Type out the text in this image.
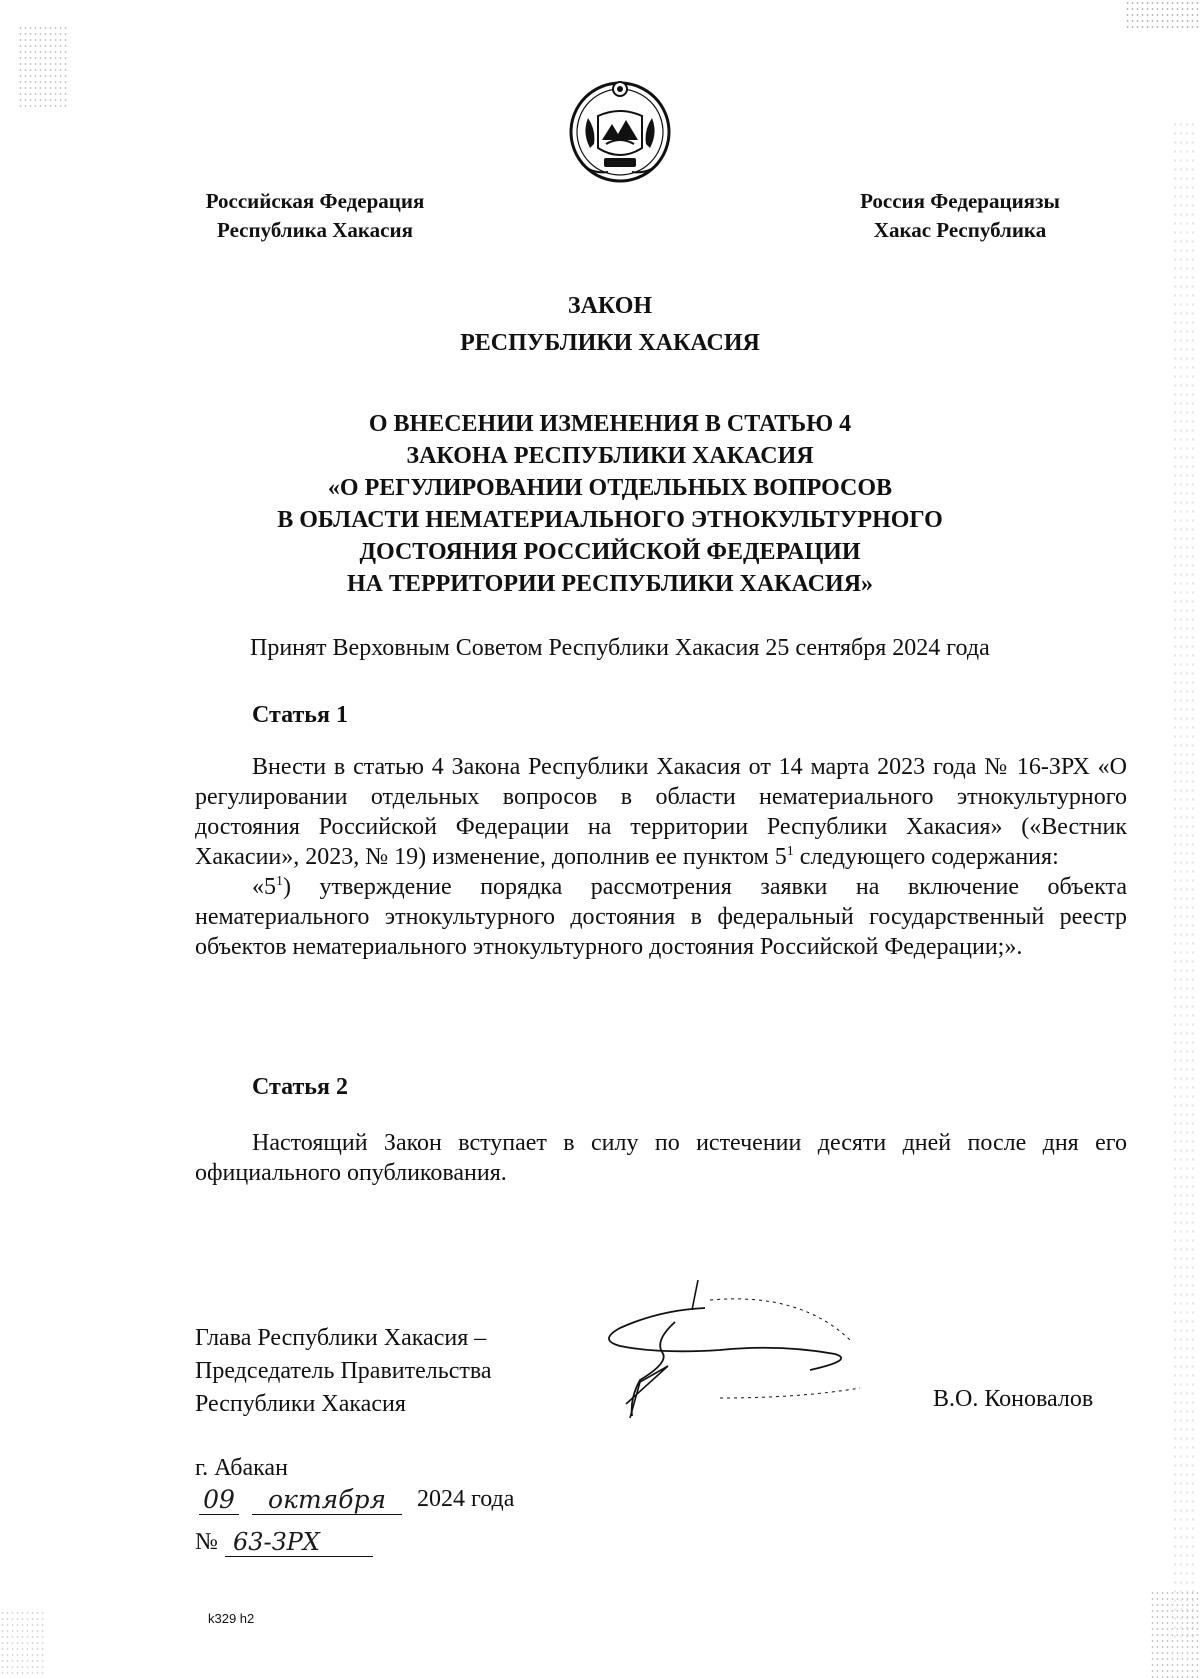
Российская Федерация
Республика Хакасия
Россия Федерациязы
Хакас Республика
ЗАКОН
РЕСПУБЛИКИ ХАКАСИЯ
О ВНЕСЕНИИ ИЗМЕНЕНИЯ В СТАТЬЮ 4
ЗАКОНА РЕСПУБЛИКИ ХАКАСИЯ
«О РЕГУЛИРОВАНИИ ОТДЕЛЬНЫХ ВОПРОСОВ
В ОБЛАСТИ НЕМАТЕРИАЛЬНОГО ЭТНОКУЛЬТУРНОГО
ДОСТОЯНИЯ РОССИЙСКОЙ ФЕДЕРАЦИИ
НА ТЕРРИТОРИИ РЕСПУБЛИКИ ХАКАСИЯ»
Принят Верховным Советом Республики Хакасия 25 сентября 2024 года
Статья 1

Внести в статью 4 Закона Республики Хакасия от 14 марта 2023 года № 16-ЗРХ «О регулировании отдельных вопросов в области нематериального этнокультурного достояния Российской Федерации на территории Республики Хакасия» («Вестник Хакасии», 2023, № 19) изменение, дополнив ее пунктом $5^1$ следующего содержания:

«$5^1$) утверждение порядка рассмотрения заявки на включение объекта нематериального этнокультурного достояния в федеральный государственный реестр объектов нематериального этнокультурного достояния Российской Федерации;».

Статья 2

Настоящий Закон вступает в силу по истечении десяти дней после дня его официального опубликования.

Глава Республики Хакасия –
Председатель Правительства
Республики Хакасия	В.О. Коновалов
г. Абакан
09	октября	2024 года
№ 63-ЗРХ
k329 h2
